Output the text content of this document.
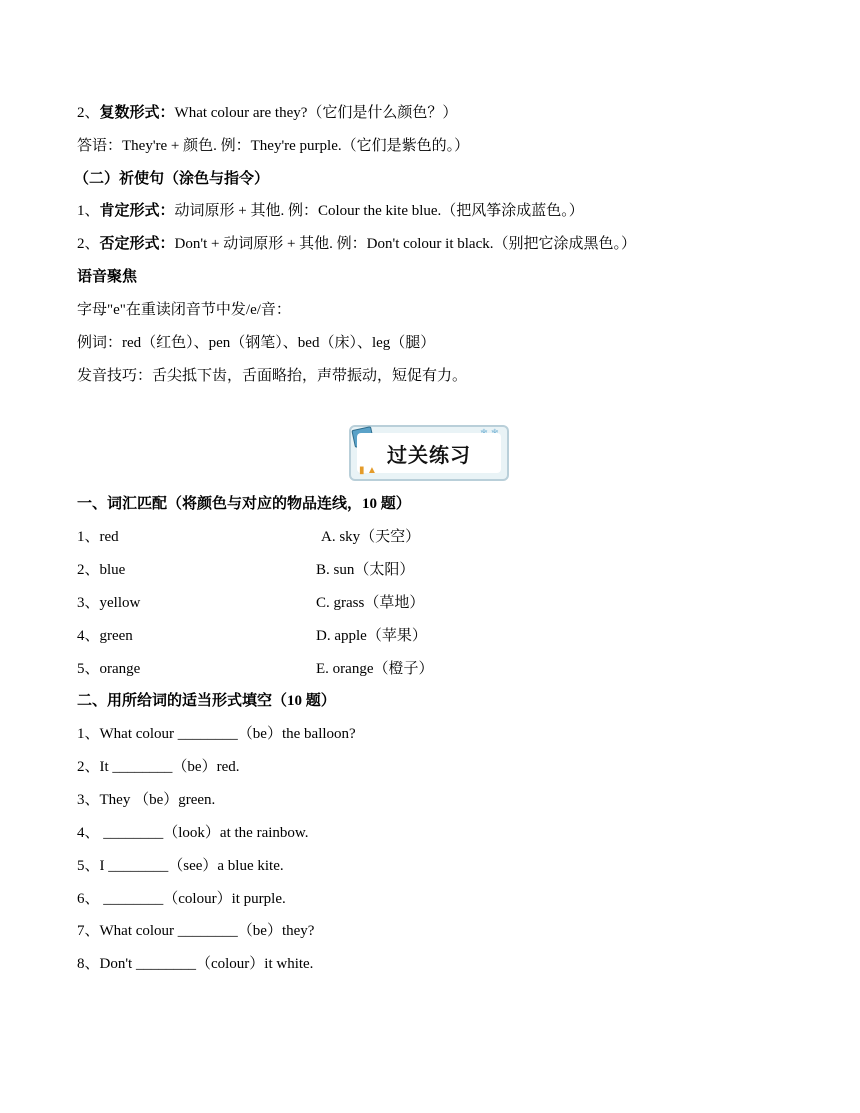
2、复数形式：What colour are they?（它们是什么颜色？）
答语：They're + 颜色. 例：They're purple.（它们是紫色的。）
（二）祈使句（涂色与指令）
1、肯定形式：动词原形 + 其他. 例：Colour the kite blue.（把风筝涂成蓝色。）
2、否定形式：Don't + 动词原形 + 其他. 例：Don't colour it black.（别把它涂成黑色。）
语音聚焦
字母"e"在重读闭音节中发/e/音：
例词：red（红色）、pen（钢笔）、bed（床）、leg（腿）
发音技巧：舌尖抵下齿，舌面略抬，声带振动，短促有力。
过关练习
▮ ▲
一、词汇匹配（将颜色与对应的物品连线，10 题）
1、red	A. sky（天空）
2、blue	B. sun（太阳）
3、yellow	C. grass（草地）
4、green	D. apple（苹果）
5、orange	E. orange（橙子）
二、用所给词的适当形式填空（10 题）
1、What colour ________（be）the balloon?
2、It ________（be）red.
3、They （be）green.
4、 ________（look）at the rainbow.
5、I ________（see）a blue kite.
6、 ________（colour）it purple.
7、What colour ________（be）they?
8、Don't ________（colour）it white.
